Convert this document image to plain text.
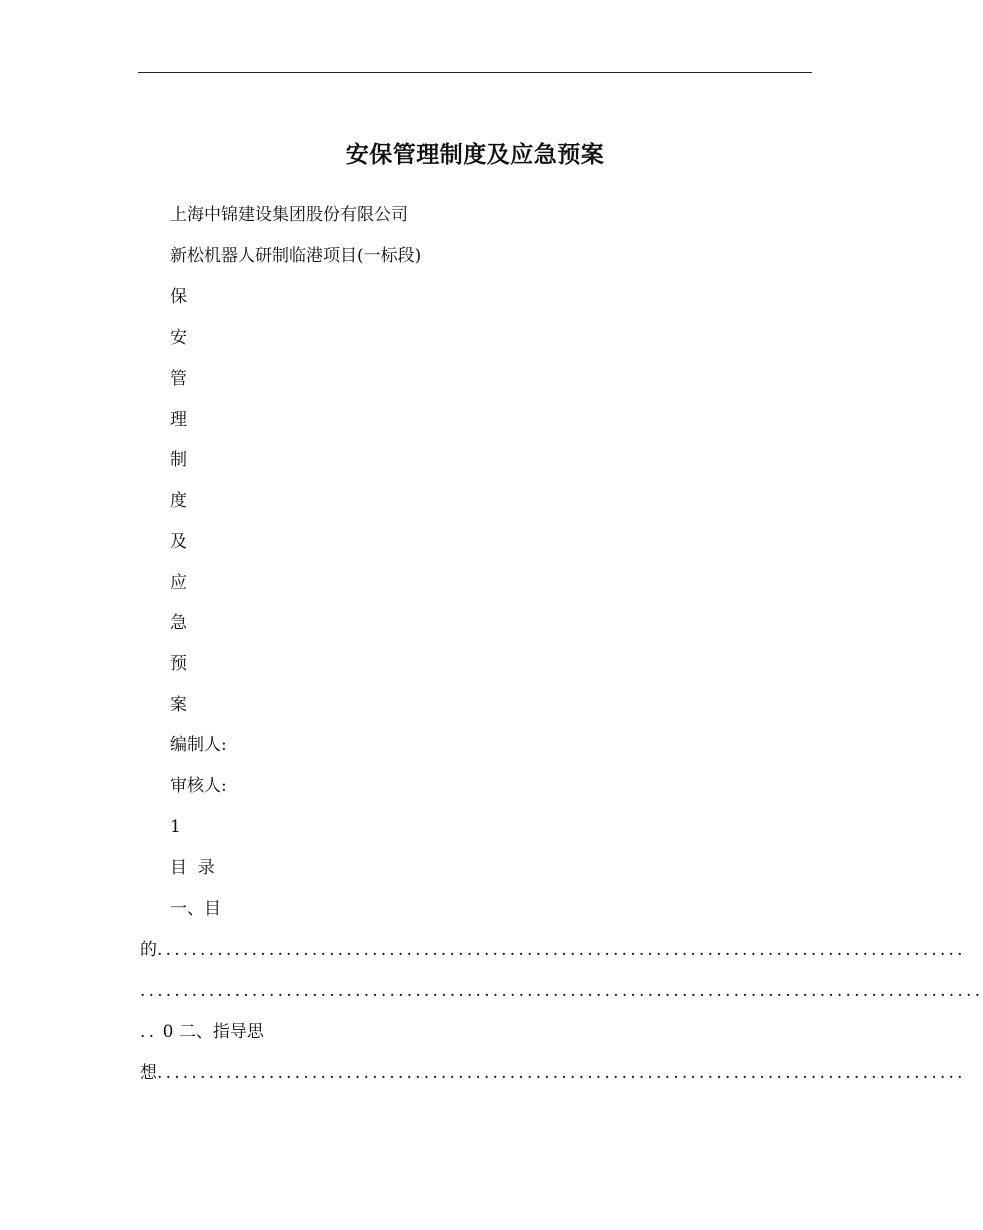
安保管理制度及应急预案
上海中锦建设集团股份有限公司
新松机器人研制临港项目(一标段)
保
安
管
理
制
度
及
应
急
预
案
编制人:
审核人:
1
目  录
一、目
的..............................................................................................
..................................................................................................
.. 0 二、指导思
想..............................................................................................
